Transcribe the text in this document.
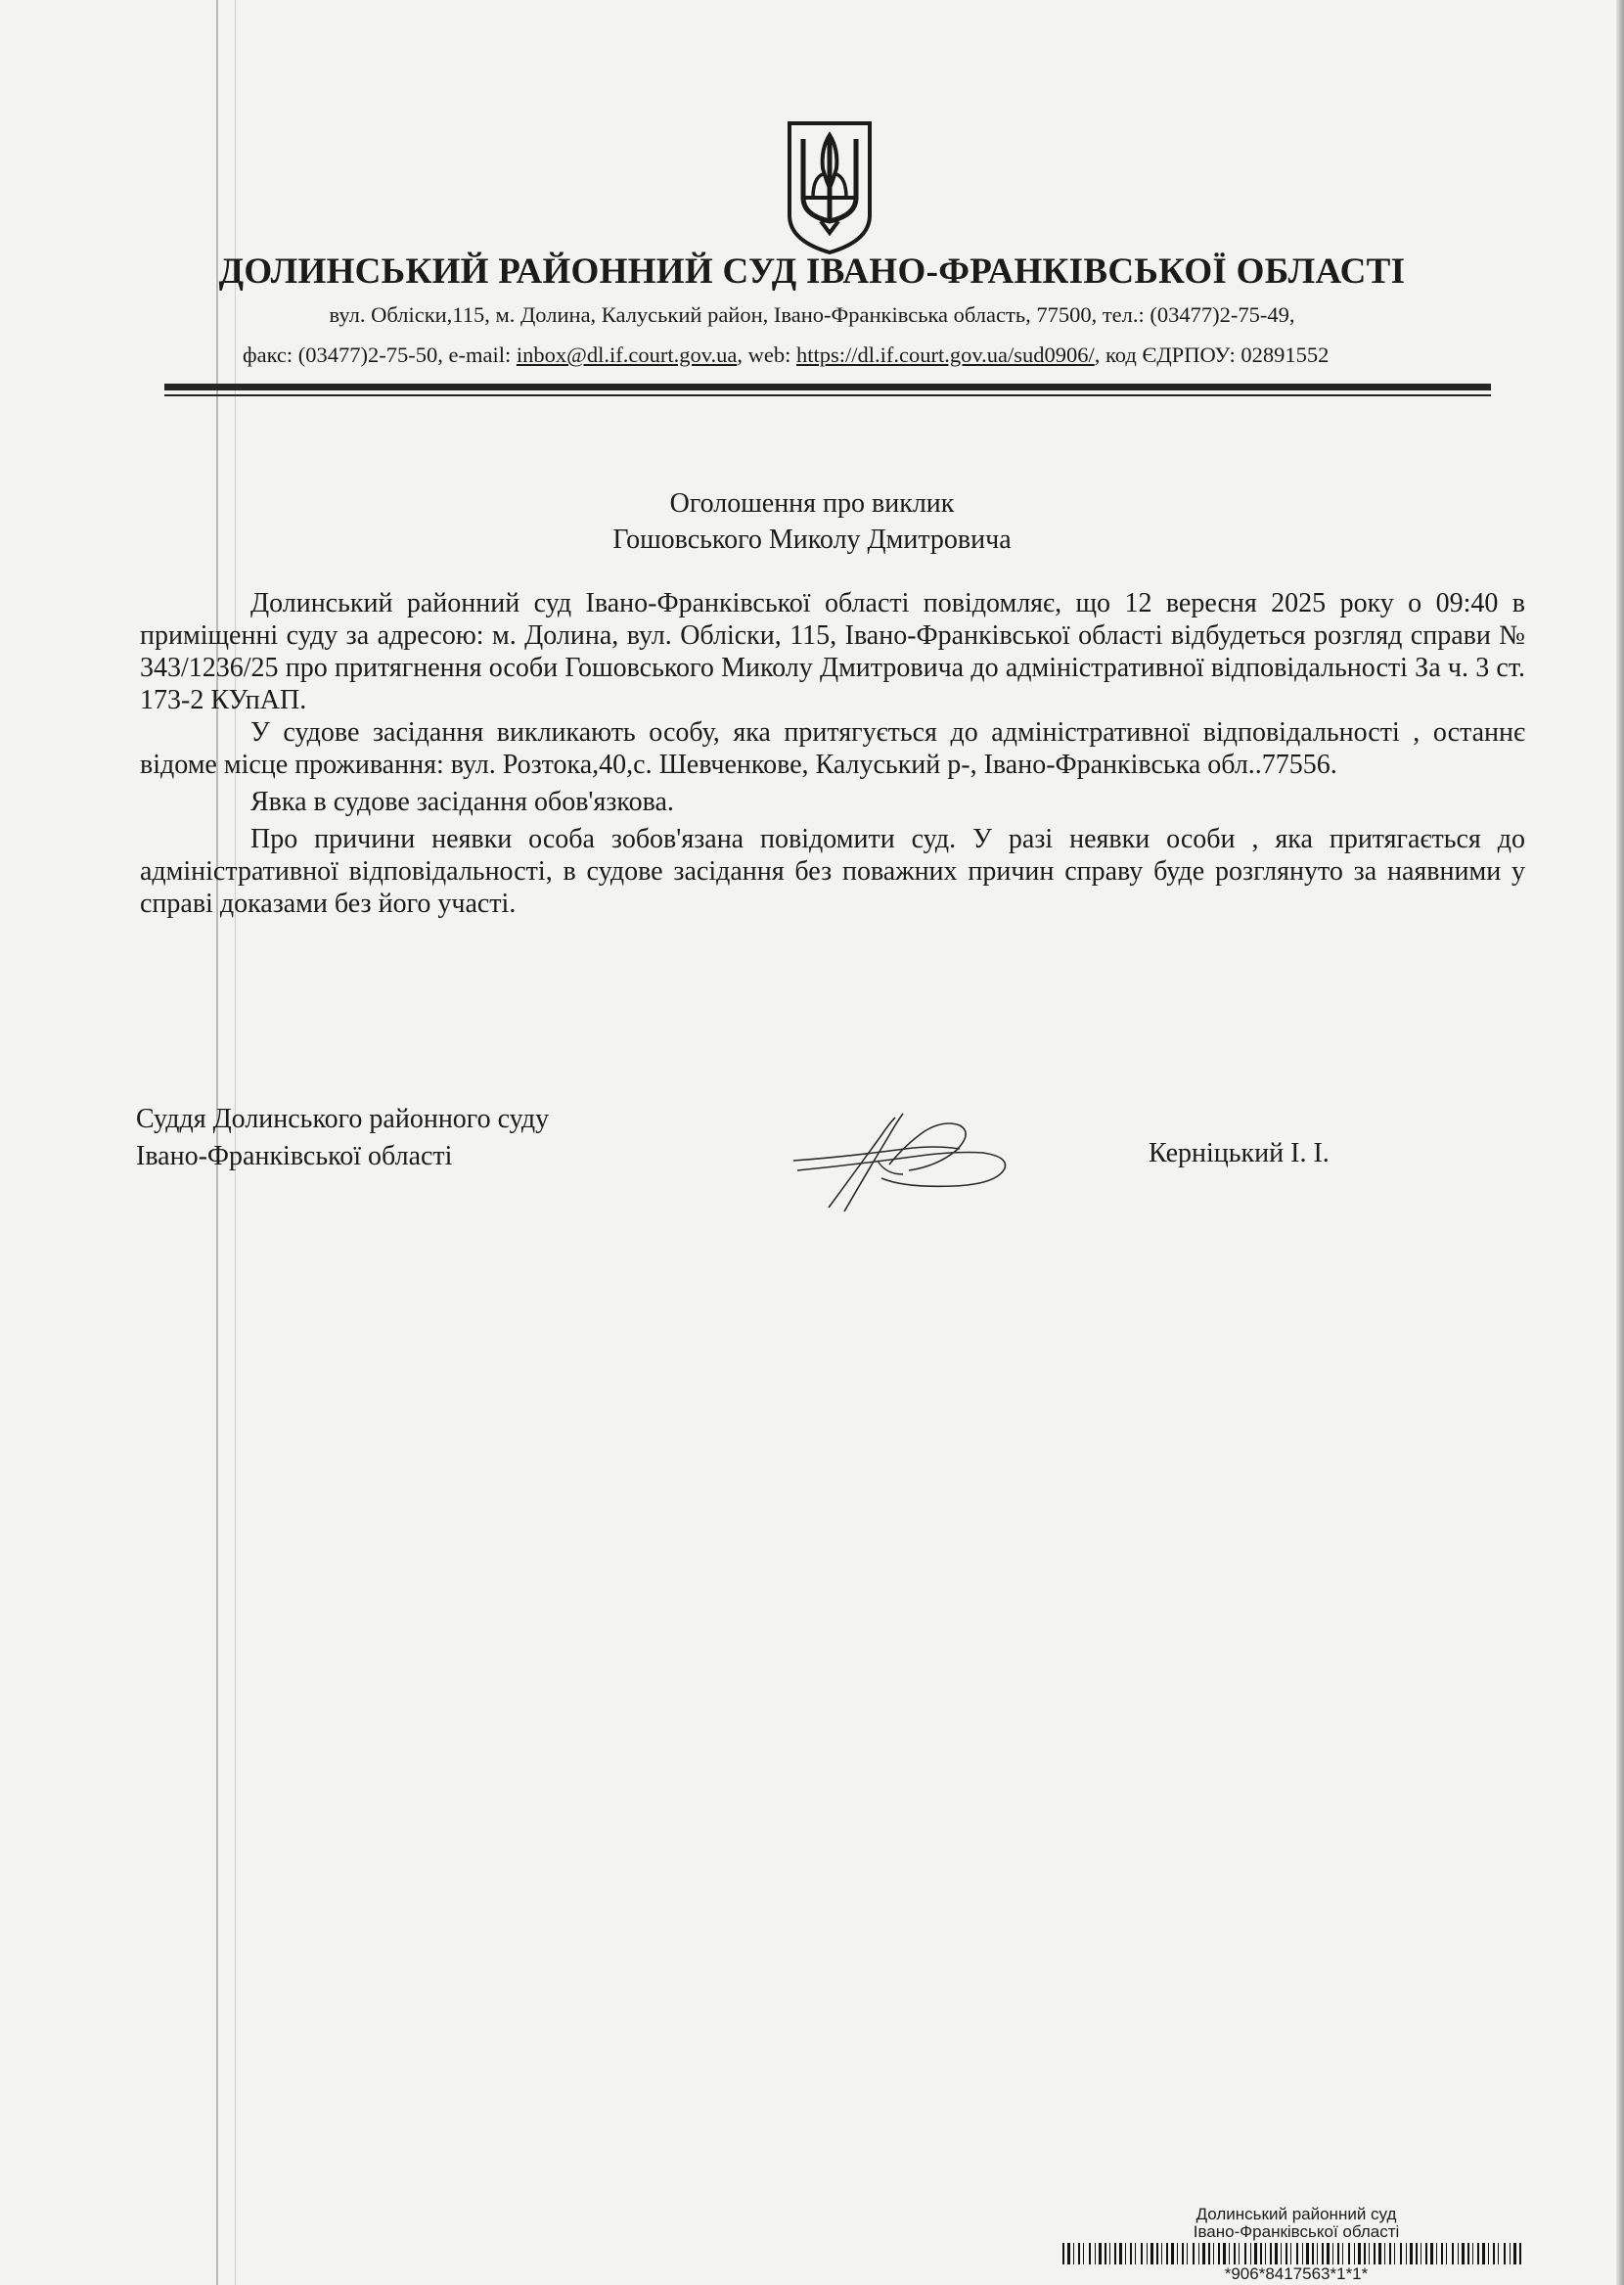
ДОЛИНСЬКИЙ РАЙОННИЙ СУД ІВАНО-ФРАНКІВСЬКОЇ ОБЛАСТІ
вул. Обліски,115, м. Долина, Калуський район, Івано-Франківська область, 77500, тел.: (03477)2-75-49,
факс: (03477)2-75-50, e-mail: inbox@dl.if.court.gov.ua, web: https://dl.if.court.gov.ua/sud0906/, код ЄДРПОУ: 02891552
Оголошення про виклик
Гошовського Миколу Дмитровича

Долинський районний суд Івано-Франківської області повідомляє, що 12 вересня 2025 року о 09:40 в приміщенні суду за адресою: м. Долина, вул. Обліски, 115, Івано-Франківської області відбудеться розгляд справи № 343/1236/25 про притягнення особи Гошовського Миколу Дмитровича до адміністративної відповідальності За ч. 3 ст. 173-2 КУпАП.

У судове засідання викликають особу, яка притягується до адміністративної відповідальності , останнє відоме місце проживання: вул. Розтока,40,с. Шевченкове, Калуський р-, Івано-Франківська обл..77556.

Явка в судове засідання обов'язкова.

Про причини неявки особа зобов'язана повідомити суд. У разі неявки особи , яка притягається до адміністративної відповідальності, в судове засідання без поважних причин справу буде розглянуто за наявними у справі доказами без його участі.

Суддя Долинського районного суду
Івано-Франківської області	Керніцький І. І.
Долинський районний суд
Івано-Франківської області
*906*8417563*1*1*
